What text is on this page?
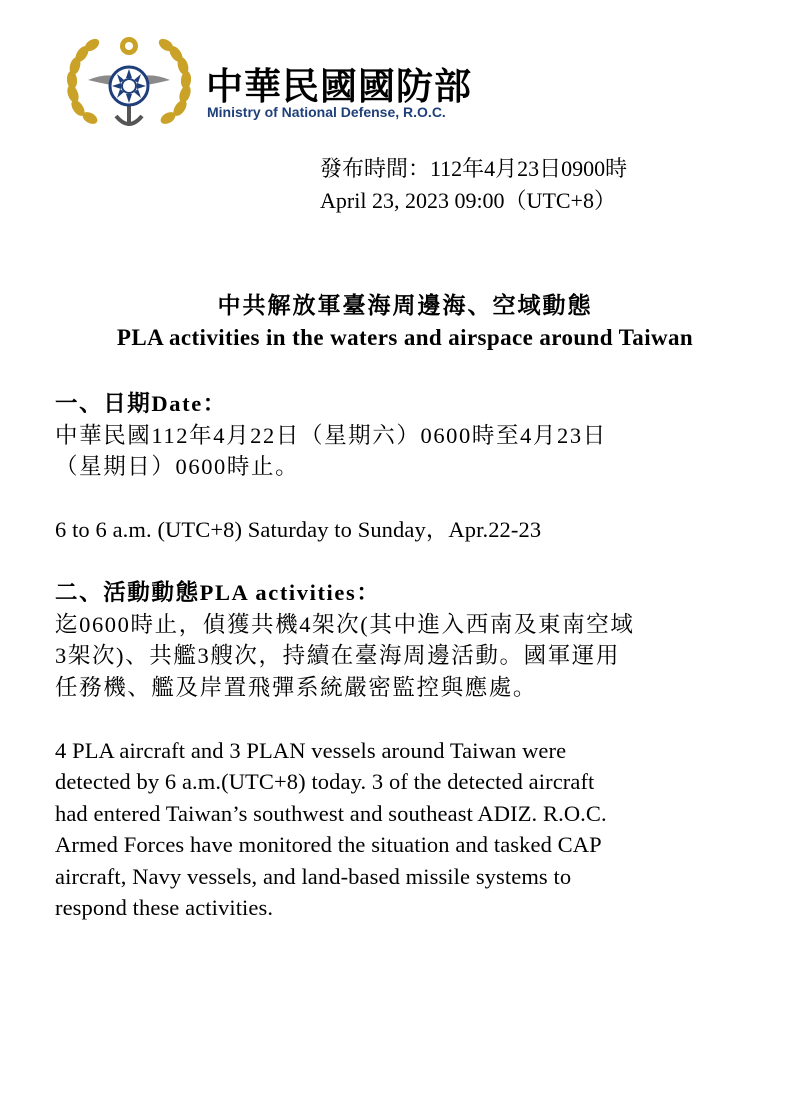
中華民國國防部
Ministry of National Defense, R.O.C.
發布時間：112年4月23日0900時
April 23, 2023 09:00（UTC+8）
中共解放軍臺海周邊海、空域動態
PLA activities in the waters and airspace around Taiwan

一、日期Date：

中華民國112年4月22日（星期六）0600時至4月23日

（星期日）0600時止。

6 to 6 a.m. (UTC+8) Saturday to Sunday，Apr.22-23

二、活動動態PLA activities：

迄0600時止，偵獲共機4架次(其中進入西南及東南空域

3架次)、共艦3艘次，持續在臺海周邊活動。國軍運用

任務機、艦及岸置飛彈系統嚴密監控與應處。

4 PLA aircraft and 3 PLAN vessels around Taiwan were

detected by 6 a.m.(UTC+8) today. 3 of the detected aircraft

had entered Taiwan’s southwest and southeast ADIZ. R.O.C.

Armed Forces have monitored the situation and tasked CAP

aircraft, Navy vessels, and land-based missile systems to

respond these activities.
